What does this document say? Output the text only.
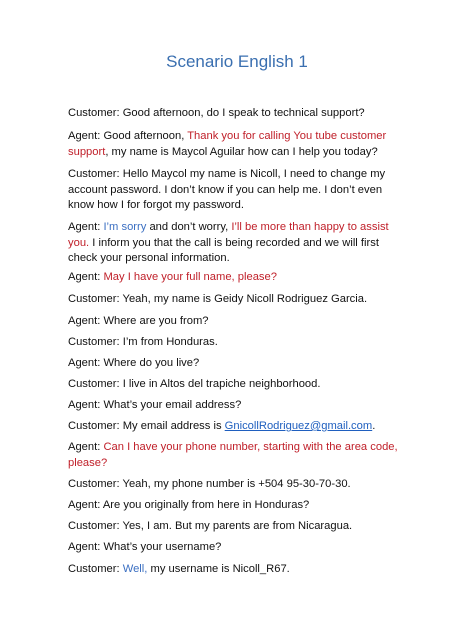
Scenario English 1

Customer: Good afternoon, do I speak to technical support?

Agent: Good afternoon, Thank you for calling You tube customer support, my name is Maycol Aguilar how can I help you today?

Customer: Hello Maycol my name is Nicoll, I need to change my account password. I don’t know if you can help me. I don’t even know how I for forgot my password.

Agent: I’m sorry and don’t worry, I’ll be more than happy to assist you. I inform you that the call is being recorded and we will first check your personal information.

Agent: May I have your full name, please?

Customer: Yeah, my name is Geidy Nicoll Rodriguez Garcia.

Agent: Where are you from?

Customer: I’m from Honduras.

Agent: Where do you live?

Customer: I live in Altos del trapiche neighborhood.

Agent: What’s your email address?

Customer: My email address is GnicollRodriguez@gmail.com.

Agent: Can I have your phone number, starting with the area code, please?

Customer: Yeah, my phone number is +504 95-30-70-30.

Agent: Are you originally from here in Honduras?

Customer: Yes, I am. But my parents are from Nicaragua.

Agent: What’s your username?

Customer: Well, my username is Nicoll_R67.
